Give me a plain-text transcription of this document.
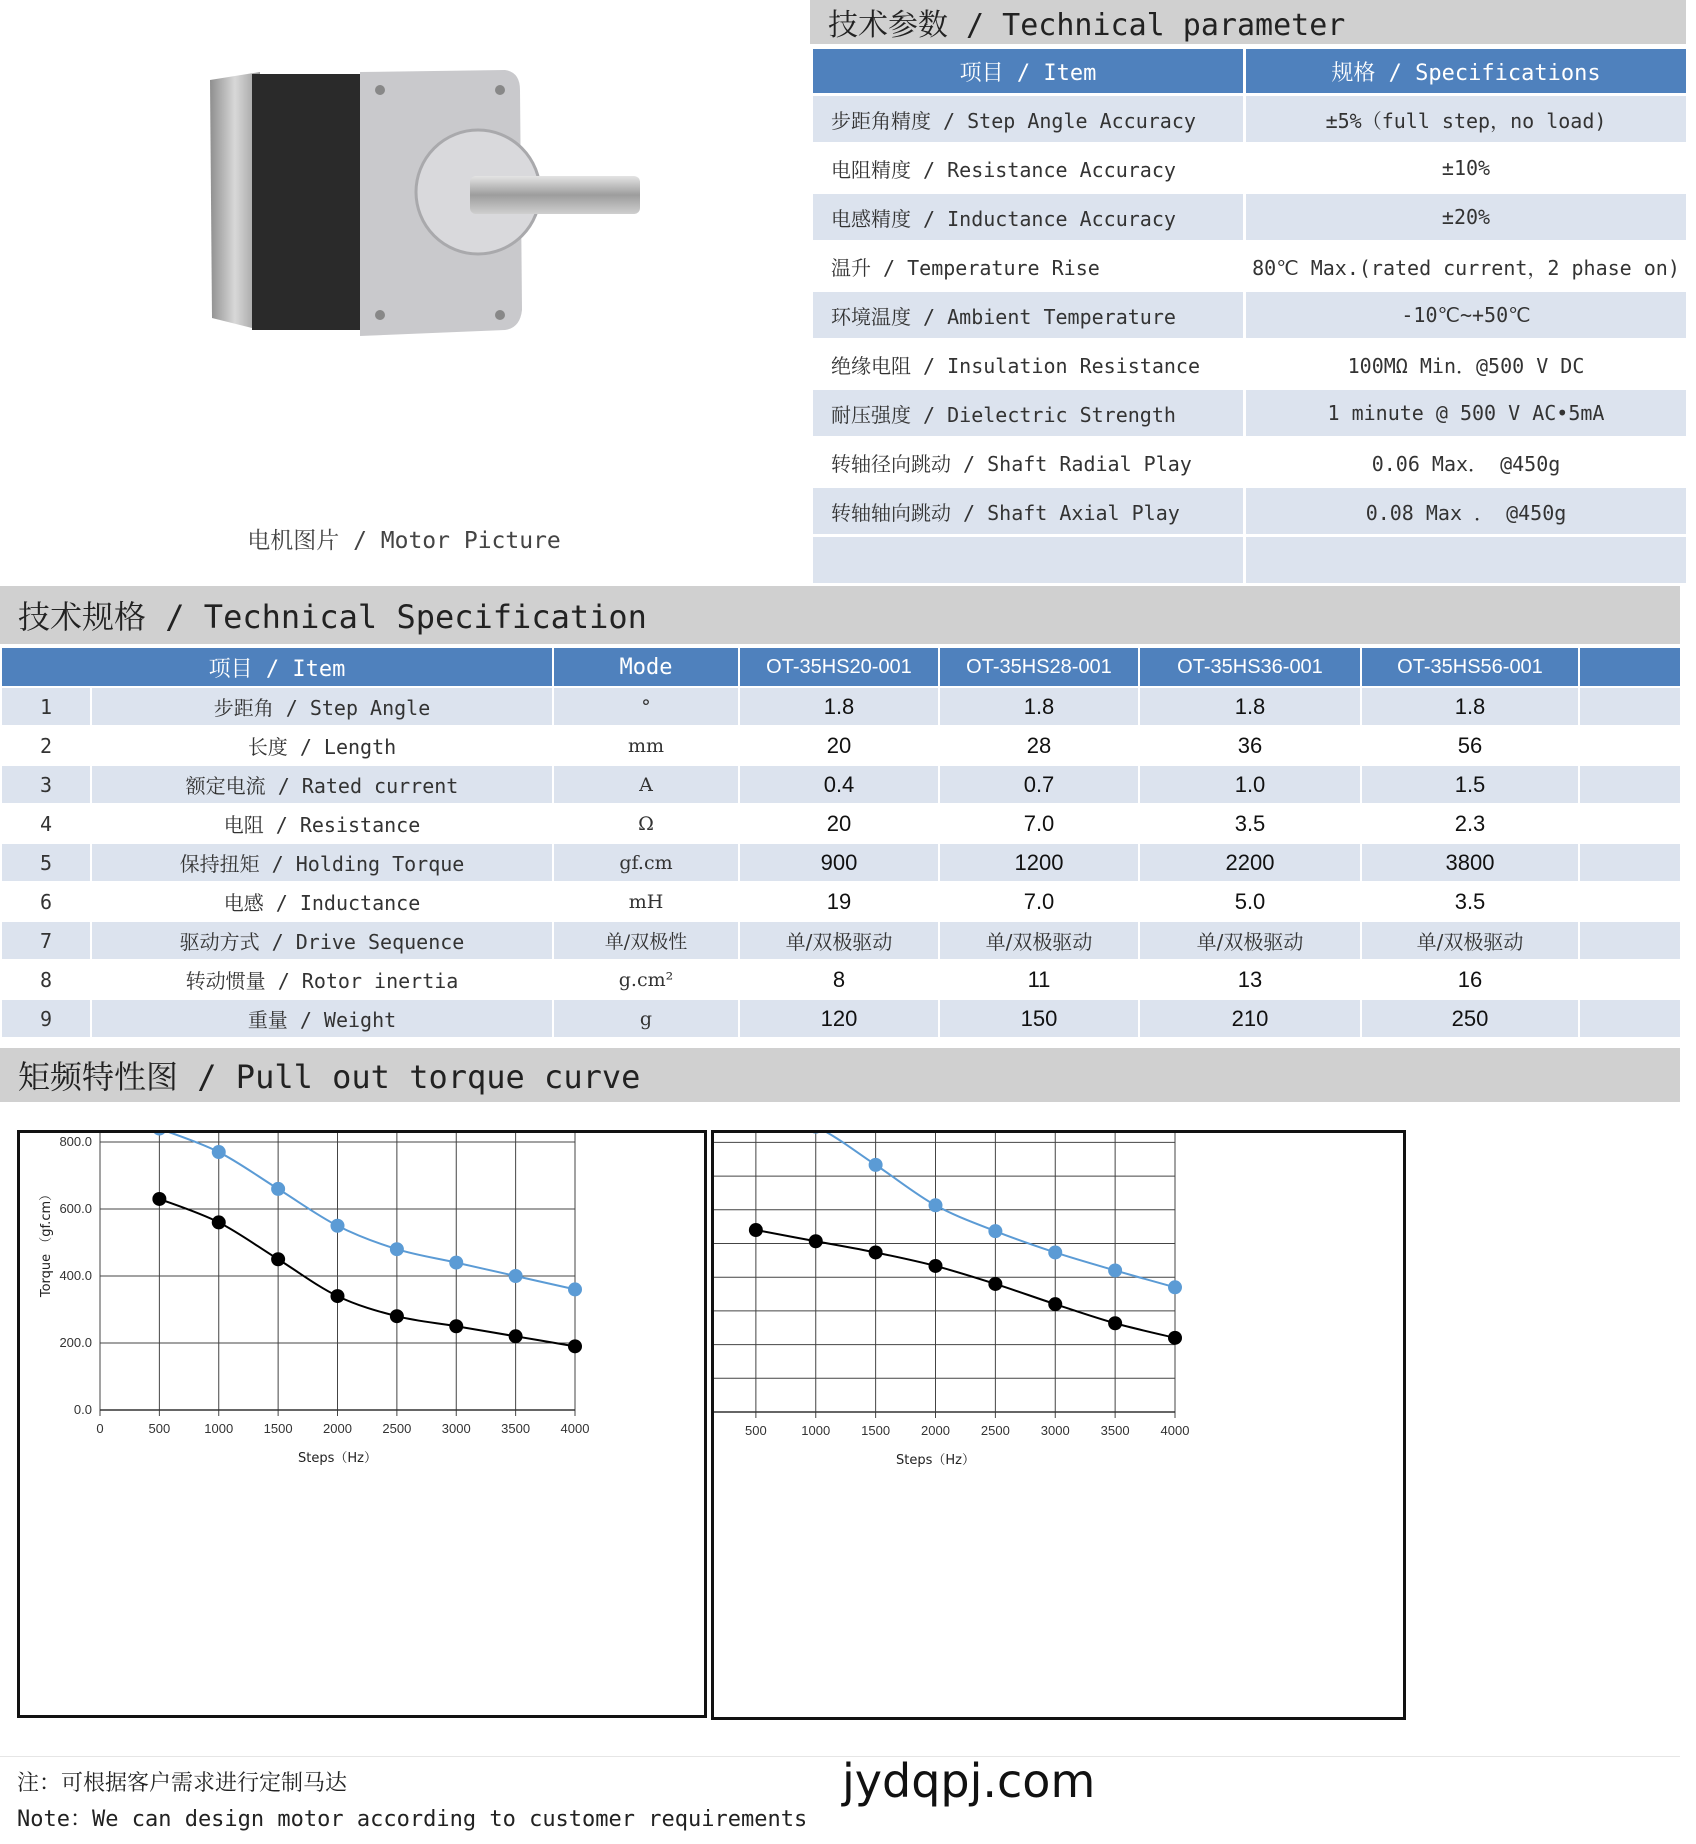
电机图片 / Motor Picture
技术参数 / Technical parameter
项目 / Item	规格 / Specifications
步距角精度 / Step Angle Accuracy	±5%（full step，no load)
电阻精度 / Resistance Accuracy	±10%
电感精度 / Inductance Accuracy	±20%
温升 / Temperature Rise	80℃ Max.(rated current，2 phase on)
环境温度 / Ambient Temperature	-10℃~+50℃
绝缘电阻 / Insulation Resistance	100MΩ Min．@500 V DC
耐压强度 / Dielectric Strength	1 minute @ 500 V AC•5mA
转轴径向跳动 / Shaft Radial Play	0.06 Max． @450g
转轴轴向跳动 / Shaft Axial Play	0.08 Max ． @450g

技术规格 / Technical Specification
项目 / Item		Mode	OT-35HS20-001	OT-35HS28-001	OT-35HS36-001	OT-35HS56-001	
1	步距角 / Step Angle	°	1.8	1.8	1.8	1.8	
2	长度 / Length	mm	20	28	36	56	
3	额定电流 / Rated current	A	0.4	0.7	1.0	1.5	
4	电阻 / Resistance	Ω	20	7.0	3.5	2.3	
5	保持扭矩 / Holding Torque	gf.cm	900	1200	2200	3800	
6	电感 / Inductance	mH	19	7.0	5.0	3.5	
7	驱动方式 / Drive Sequence	单/双极性	单/双极驱动	单/双极驱动	单/双极驱动	单/双极驱动	
8	转动惯量 / Rotor inertia	g.cm²	8	11	13	16	
9	重量 / Weight	g	120	150	210	250	
矩频特性图 / Pull out torque curve
0.0
200.0
400.0
600.0
800.0
0	500	1000 1500 2000 2500 3000 3500 4000
Steps（Hz）
Torque （gf.cm）
500	1000 1500 2000 2500 3000 3500 4000
Steps（Hz）
注：可根据客户需求进行定制马达
Note：We can design motor according to customer requirements
jydqpj.com
